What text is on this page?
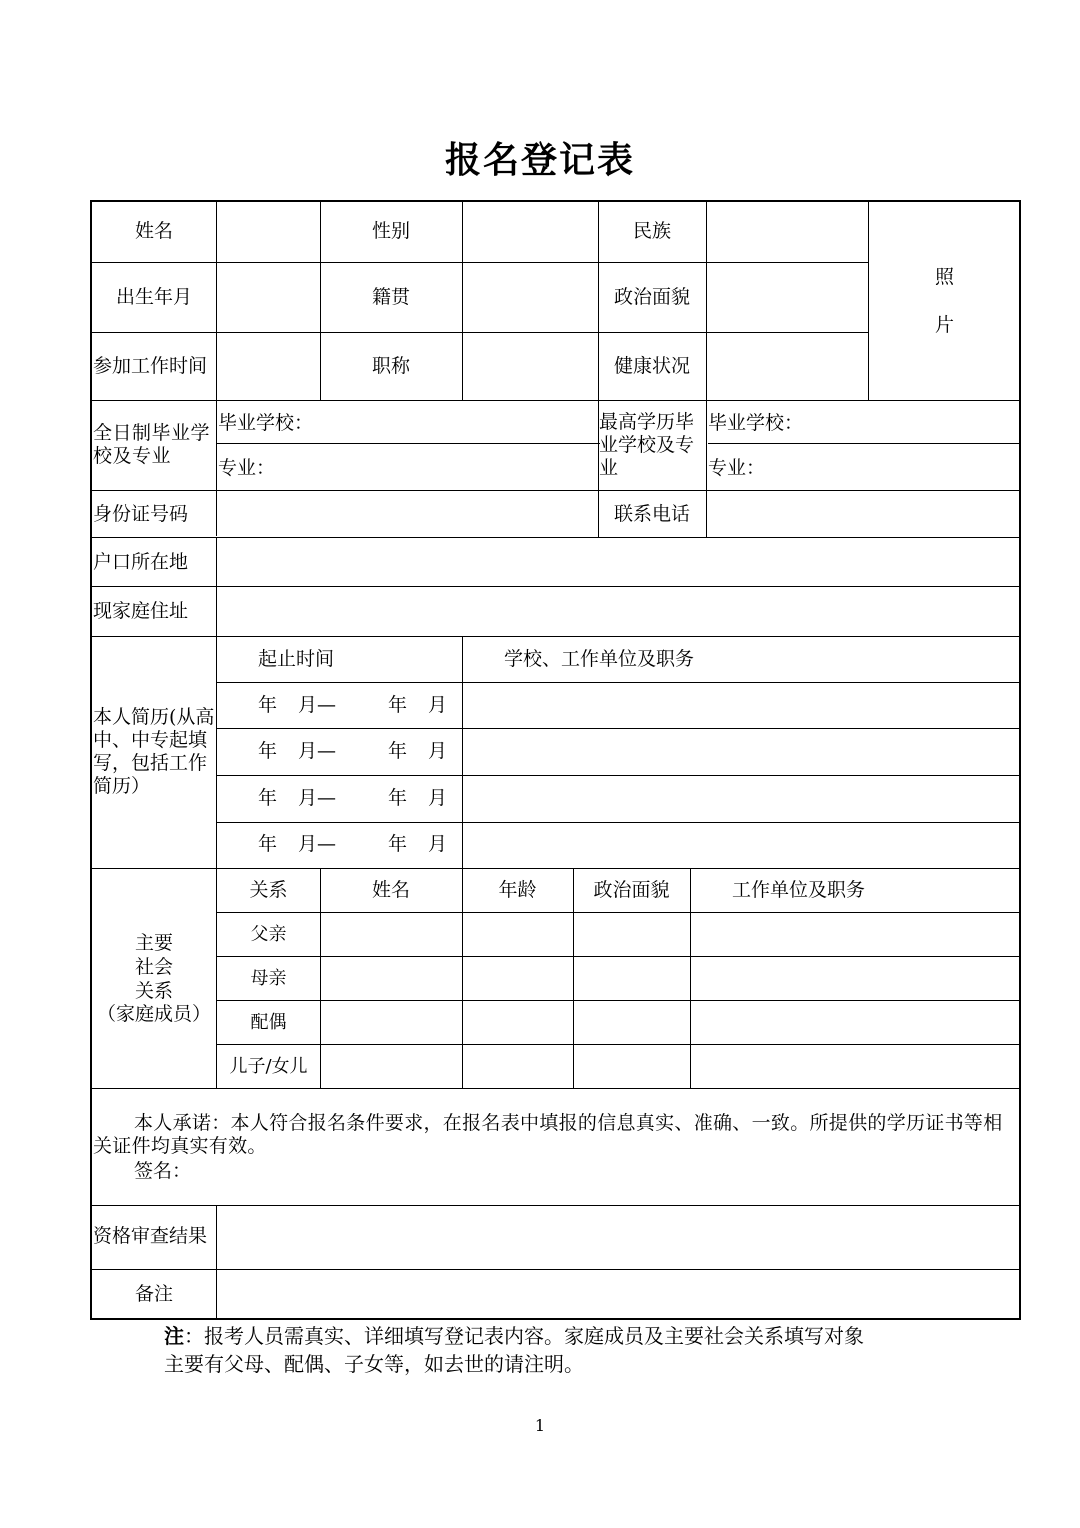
报名登记表
姓名	性别	民族
照
片
出生年月	籍贯	政治面貌
参加工作时间	职称	健康状况
全日制毕业学校及专业
毕业学校：
专业：
最高学历毕业学校及专业
毕业学校：
专业：
身份证号码	联系电话
户口所在地
现家庭住址
本人简历(从高中、中专起填写，包括工作简历）
起止时间	学校、工作单位及职务
年 月—	年 月
年 月—	年 月
年 月—	年 月
年 月—	年 月
主要
社会
关系
（家庭成员）
关系	姓名	年龄	政治面貌	工作单位及职务
父亲
母亲
配偶
儿子/女儿
本人承诺：本人符合报名条件要求，在报名表中填报的信息真实、准确、一致。所提供的学历证书等相关证件均真实有效。
签名：
资格审查结果
备注
注：报考人员需真实、详细填写登记表内容。家庭成员及主要社会关系填写对象
主要有父母、配偶、子女等，如去世的请注明。
1
